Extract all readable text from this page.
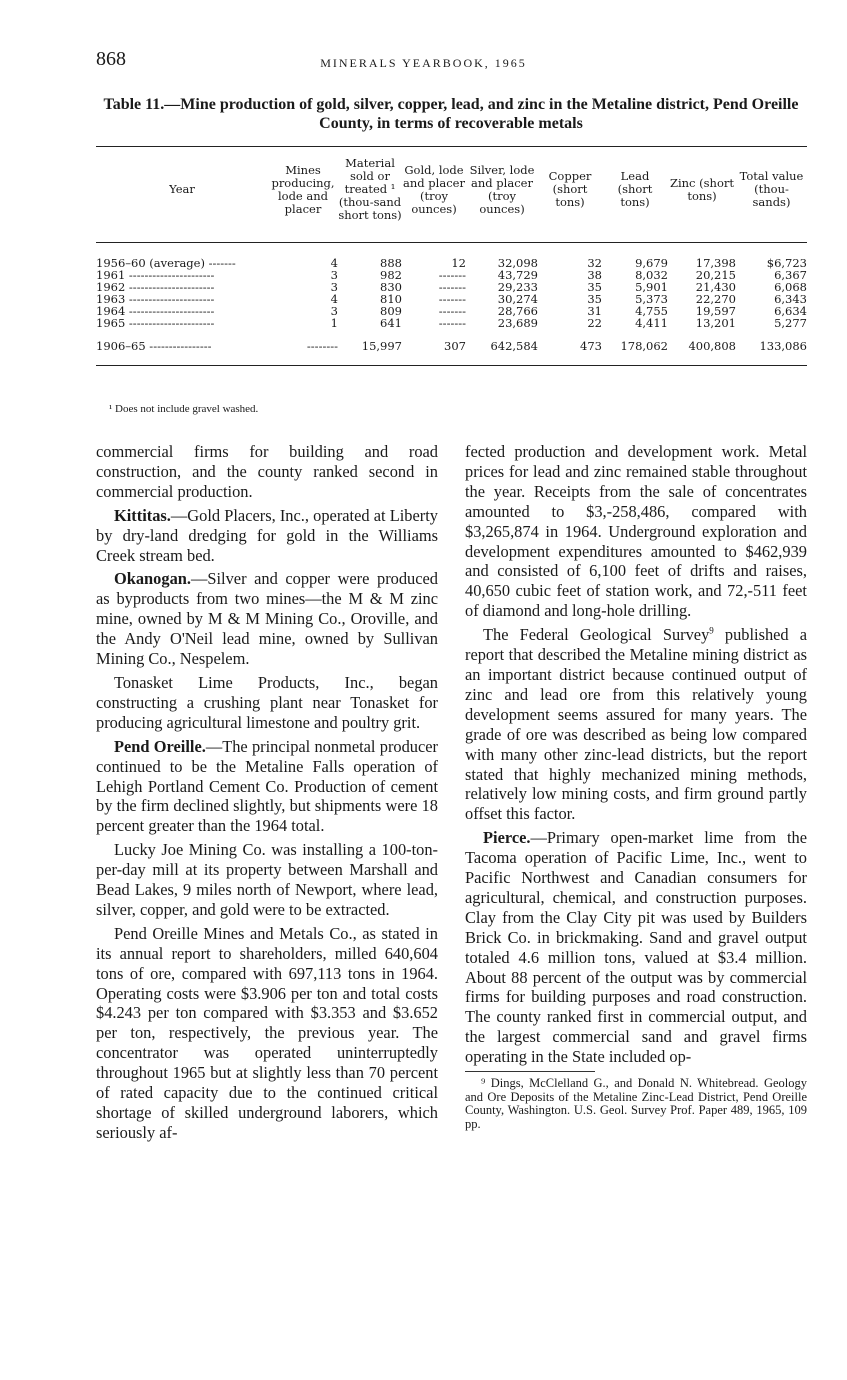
868	MINERALS YEARBOOK, 1965
Table 11.—Mine production of gold, silver, copper, lead, and zinc in the Metaline district, Pend Oreille County, in terms of recoverable metals
Year	Mines producing, lode and placer	Material sold or treated ¹ (thou-sand short tons)	Gold, lode and placer (troy ounces)	Silver, lode and placer (troy ounces)	Copper (short tons)	Lead (short tons)	Zinc (short tons)	Total value (thou-sands)
1956–60 (average) -------	4	888	12	32,098	32	9,679	17,398	$6,723
1961 ----------------------	3	982	-------	43,729	38	8,032	20,215	6,367
1962 ----------------------	3	830	-------	29,233	35	5,901	21,430	6,068
1963 ----------------------	4	810	-------	30,274	35	5,373	22,270	6,343
1964 ----------------------	3	809	-------	28,766	31	4,755	19,597	6,634
1965 ----------------------	1	641	-------	23,689	22	4,411	13,201	5,277
1906–65 ----------------	--------	15,997	307	642,584	473	178,062	400,808	133,086
¹ Does not include gravel washed.

commercial firms for building and road construction, and the county ranked second in commercial production.

Kittitas.—Gold Placers, Inc., operated at Liberty by dry-land dredging for gold in the Williams Creek stream bed.

Okanogan.—Silver and copper were produced as byproducts from two mines—the M & M zinc mine, owned by M & M Mining Co., Oroville, and the Andy O'Neil lead mine, owned by Sullivan Mining Co., Nespelem.

Tonasket Lime Products, Inc., began constructing a crushing plant near Tonasket for producing agricultural limestone and poultry grit.

Pend Oreille.—The principal nonmetal producer continued to be the Metaline Falls operation of Lehigh Portland Cement Co. Production of cement by the firm declined slightly, but shipments were 18 percent greater than the 1964 total.

Lucky Joe Mining Co. was installing a 100-ton-per-day mill at its property between Marshall and Bead Lakes, 9 miles north of Newport, where lead, silver, copper, and gold were to be extracted.

Pend Oreille Mines and Metals Co., as stated in its annual report to shareholders, milled 640,604 tons of ore, compared with 697,113 tons in 1964. Operating costs were $3.906 per ton and total costs $4.243 per ton compared with $3.353 and $3.652 per ton, respectively, the previous year. The concentrator was operated uninterruptedly throughout 1965 but at slightly less than 70 percent of rated capacity due to the continued critical shortage of skilled underground laborers, which seriously af-

fected production and development work. Metal prices for lead and zinc remained stable throughout the year. Receipts from the sale of concentrates amounted to $3,-258,486, compared with $3,265,874 in 1964. Underground exploration and development expenditures amounted to $462,939 and consisted of 6,100 feet of drifts and raises, 40,650 cubic feet of station work, and 72,-511 feet of diamond and long-hole drilling.

The Federal Geological Survey$^9$ published a report that described the Metaline mining district as an important district because continued output of zinc and lead ore from this relatively young development seems assured for many years. The grade of ore was described as being low compared with many other zinc-lead districts, but the report stated that highly mechanized mining methods, relatively low mining costs, and firm ground partly offset this factor.

Pierce.—Primary open-market lime from the Tacoma operation of Pacific Lime, Inc., went to Pacific Northwest and Canadian consumers for agricultural, chemical, and construction purposes. Clay from the Clay City pit was used by Builders Brick Co. in brickmaking. Sand and gravel output totaled 4.6 million tons, valued at $3.4 million. About 88 percent of the output was by commercial firms for building purposes and road construction. The county ranked first in commercial output, and the largest commercial sand and gravel firms operating in the State included op-

⁹ Dings, McClelland G., and Donald N. Whitebread. Geology and Ore Deposits of the Metaline Zinc-Lead District, Pend Oreille County, Washington. U.S. Geol. Survey Prof. Paper 489, 1965, 109 pp.
